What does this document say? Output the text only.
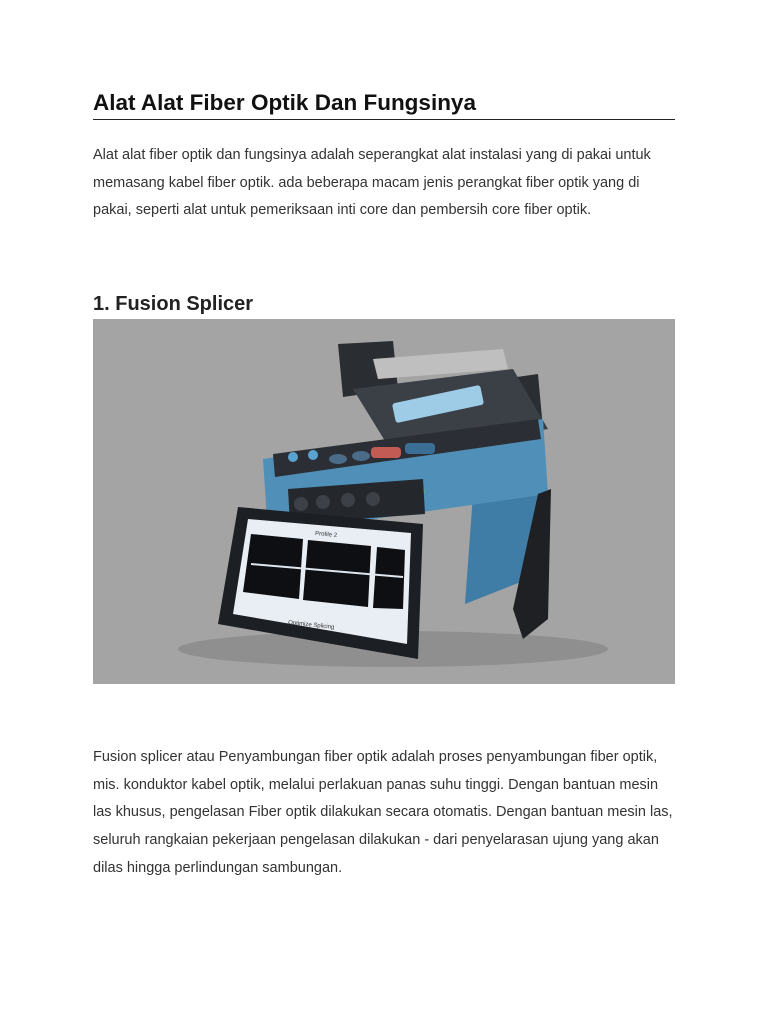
Alat Alat Fiber Optik Dan Fungsinya

Alat alat fiber optik dan fungsinya adalah seperangkat alat instalasi yang di pakai untuk memasang kabel fiber optik. ada beberapa macam jenis perangkat fiber optik yang di pakai, seperti alat untuk pemeriksaan inti core dan pembersih core fiber optik.

1. Fusion Splicer
Profile 2
Optimize Splicing

Fusion splicer atau Penyambungan fiber optik adalah proses penyambungan fiber optik, mis. konduktor kabel optik, melalui perlakuan panas suhu tinggi. Dengan bantuan mesin las khusus, pengelasan Fiber optik dilakukan secara otomatis. Dengan bantuan mesin las, seluruh rangkaian pekerjaan pengelasan dilakukan - dari penyelarasan ujung yang akan dilas hingga perlindungan sambungan.
